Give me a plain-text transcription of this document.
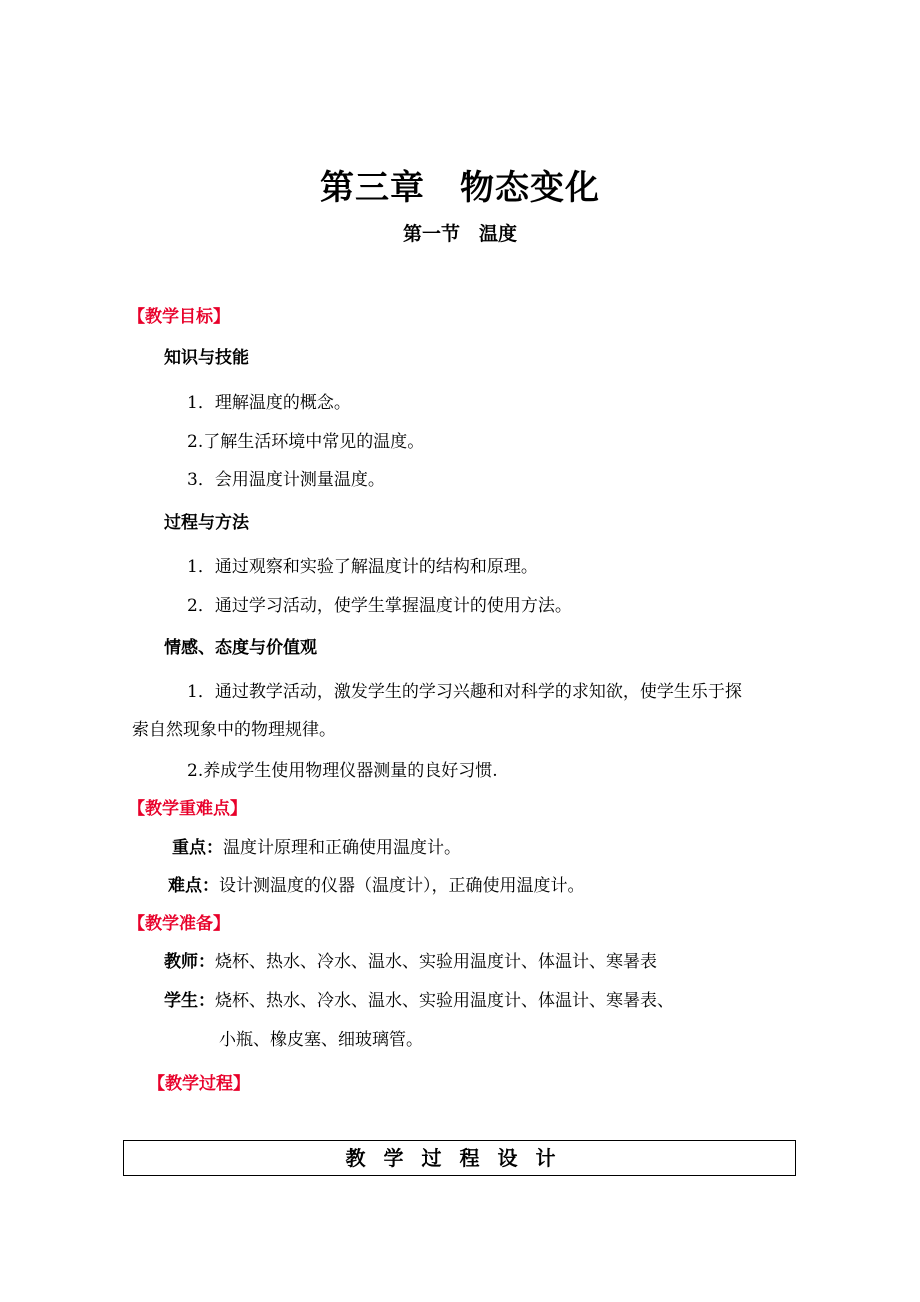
第三章　物态变化
第一节　温度
【教学目标】
知识与技能
1．理解温度的概念。
2.了解生活环境中常见的温度。
3．会用温度计测量温度。
过程与方法
1．通过观察和实验了解温度计的结构和原理。
2．通过学习活动，使学生掌握温度计的使用方法。
情感、态度与价值观
1．通过教学活动，激发学生的学习兴趣和对科学的求知欲，使学生乐于探
索自然现象中的物理规律。
2.养成学生使用物理仪器测量的良好习惯.
【教学重难点】
重点：温度计原理和正确使用温度计。
难点：设计测温度的仪器（温度计），正确使用温度计。
【教学准备】
教师：烧杯、热水、冷水、温水、实验用温度计、体温计、寒暑表
学生：烧杯、热水、冷水、温水、实验用温度计、体温计、寒暑表、
小瓶、橡皮塞、细玻璃管。
【教学过程】
教学过程设计
